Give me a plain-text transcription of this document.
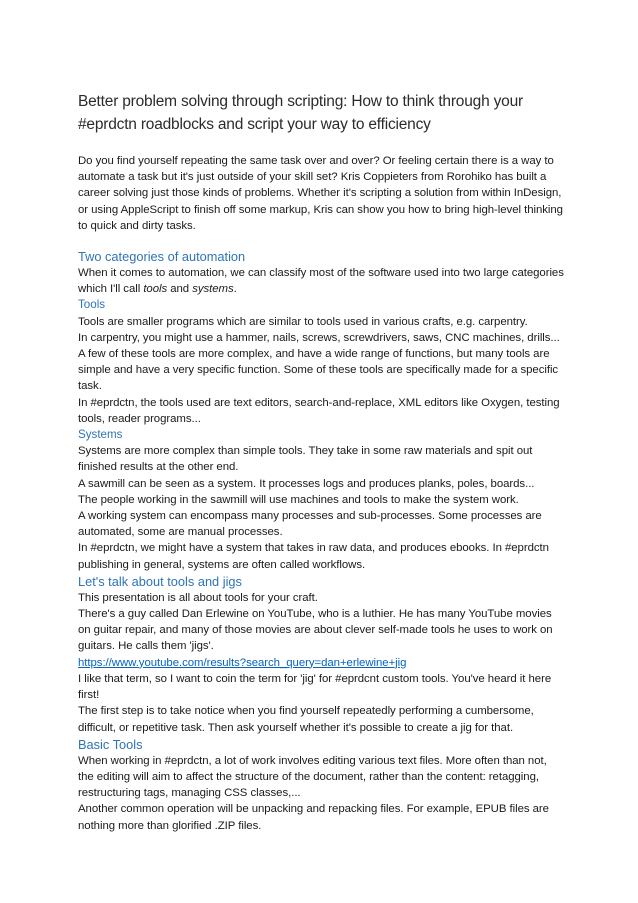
Better problem solving through scripting: How to think through your #eprdctn roadblocks and script your way to efficiency

Do you find yourself repeating the same task over and over? Or feeling certain there is a way to automate a task but it's just outside of your skill set? Kris Coppieters from Rorohiko has built a career solving just those kinds of problems. Whether it's scripting a solution from within InDesign, or using AppleScript to finish off some markup, Kris can show you how to bring high-level thinking to quick and dirty tasks.

Two categories of automation

When it comes to automation, we can classify most of the software used into two large categories which I'll call tools and systems.

Tools

Tools are smaller programs which are similar to tools used in various crafts, e.g. carpentry.

In carpentry, you might use a hammer, nails, screws, screwdrivers, saws, CNC machines, drills... A few of these tools are more complex, and have a wide range of functions, but many tools are simple and have a very specific function. Some of these tools are specifically made for a specific task.

In #eprdctn, the tools used are text editors, search-and-replace, XML editors like Oxygen, testing tools, reader programs...

Systems

Systems are more complex than simple tools. They take in some raw materials and spit out finished results at the other end.

A sawmill can be seen as a system. It processes logs and produces planks, poles, boards...

The people working in the sawmill will use machines and tools to make the system work.

A working system can encompass many processes and sub-processes. Some processes are automated, some are manual processes.

In #eprdctn, we might have a system that takes in raw data, and produces ebooks. In #eprdctn publishing in general, systems are often called workflows.

Let's talk about tools and jigs

This presentation is all about tools for your craft.

There's a guy called Dan Erlewine on YouTube, who is a luthier. He has many YouTube movies on guitar repair, and many of those movies are about clever self-made tools he uses to work on guitars. He calls them 'jigs'.

https://www.youtube.com/results?search_query=dan+erlewine+jig

I like that term, so I want to coin the term for 'jig' for #eprdcnt custom tools. You've heard it here first!

The first step is to take notice when you find yourself repeatedly performing a cumbersome, difficult, or repetitive task. Then ask yourself whether it's possible to create a jig for that.

Basic Tools

When working in #eprdctn, a lot of work involves editing various text files. More often than not, the editing will aim to affect the structure of the document, rather than the content: retagging, restructuring tags, managing CSS classes,...

Another common operation will be unpacking and repacking files. For example, EPUB files are nothing more than glorified .ZIP files.
